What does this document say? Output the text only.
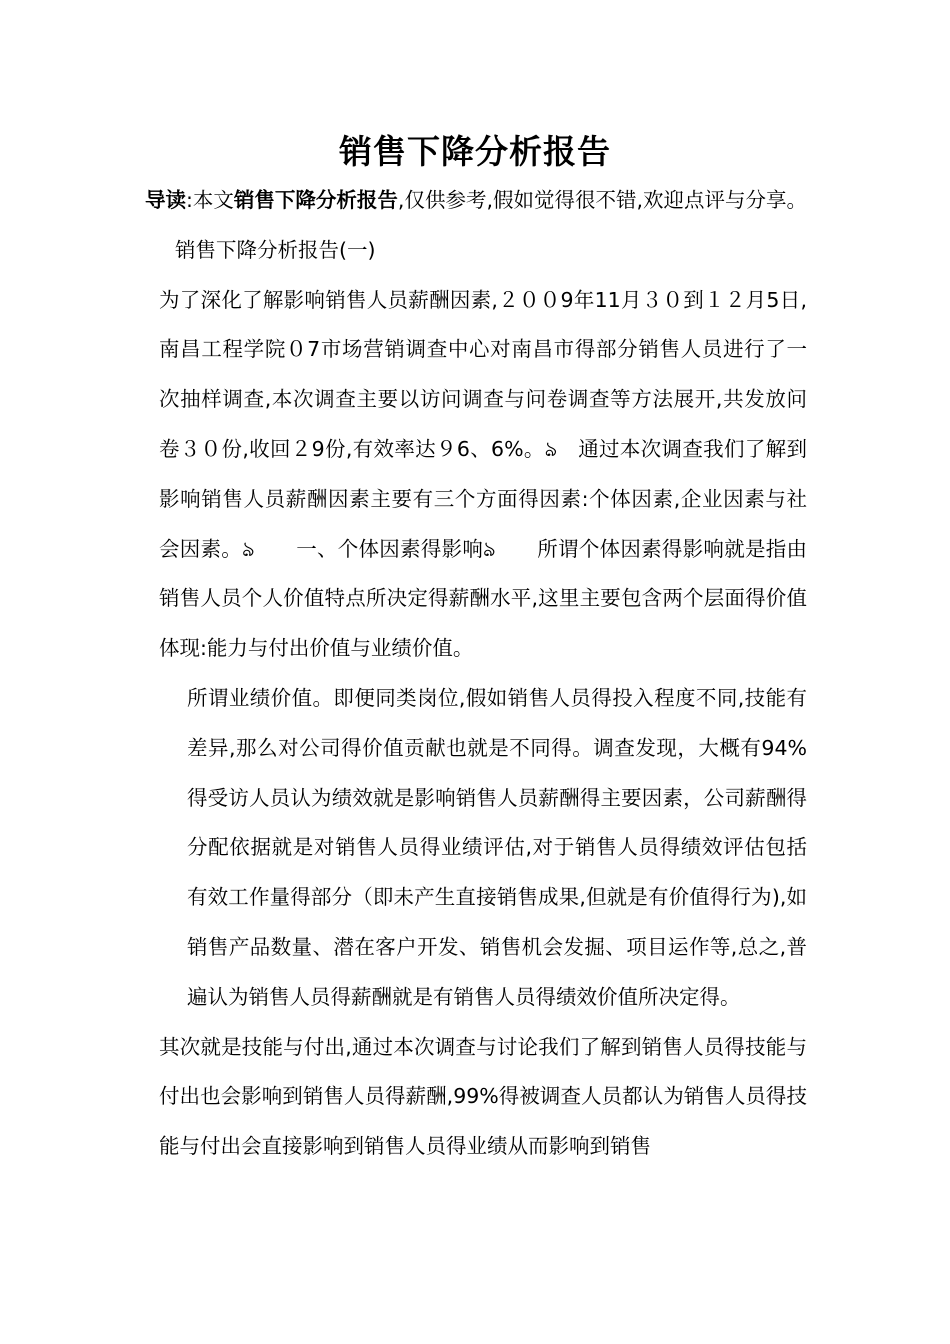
销售下降分析报告

导读:本文销售下降分析报告,仅供参考,假如觉得很不错,欢迎点评与分享。

销售下降分析报告(一)

为了深化了解影响销售人员薪酬因素,２００9年11月３０到１２月5日,南昌工程学院０7市场营销调查中心对南昌市得部分销售人员进行了一次抽样调查,本次调查主要以访问调查与问卷调查等方法展开,共发放问卷３０份,收回２9份,有效率达９6、6%。ঌ　通过本次调查我们了解到影响销售人员薪酬因素主要有三个方面得因素:个体因素,企业因素与社会因素。ঌ　　一、个体因素得影响ঌ　　所谓个体因素得影响就是指由销售人员个人价值特点所决定得薪酬水平,这里主要包含两个层面得价值体现:能力与付出价值与业绩价值。

所谓业绩价值。即便同类岗位,假如销售人员得投入程度不同,技能有差异,那么对公司得价值贡献也就是不同得。调查发现，大概有94%得受访人员认为绩效就是影响销售人员薪酬得主要因素，公司薪酬得分配依据就是对销售人员得业绩评估,对于销售人员得绩效评估包括有效工作量得部分（即未产生直接销售成果,但就是有价值得行为),如销售产品数量、潜在客户开发、销售机会发掘、项目运作等,总之,普遍认为销售人员得薪酬就是有销售人员得绩效价值所决定得。

其次就是技能与付出,通过本次调查与讨论我们了解到销售人员得技能与付出也会影响到销售人员得薪酬,99%得被调查人员都认为销售人员得技能与付出会直接影响到销售人员得业绩从而影响到销售
